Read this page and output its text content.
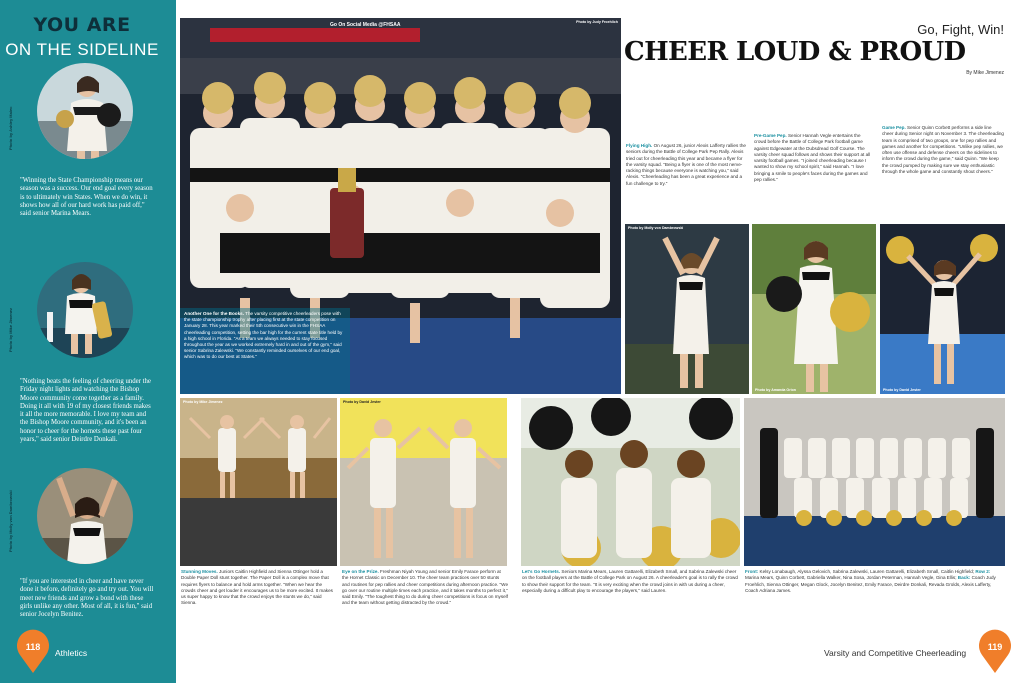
YOU ARE
ON THE SIDELINE
Photo by Ashley Malec

"Winning the State Championship means our season was a success. Our end goal every season is to ultimately win States. When we do win, it shows how all of our hard work has paid off," said senior Marina Mears.

Photo by Mike Jimenez

"Nothing beats the feeling of cheering under the Friday night lights and watching the Bishop Moore community come together as a family. Doing it all with 19 of my closest friends makes it all the more memorable. I love my team and the Bishop Moore community, and it's been an honor to cheer for the hornets these past four years," said senior Deirdre Donkali.

Photo by Molly von Dambrowski

"If you are interested in cheer and have never done it before, definitely go and try out. You will meet new friends and grow a bond with these girls unlike any other. Most of all, it is fun," said senior Jocelyn Benitez.

Athletics
118	119
Varsity and Competitive Cheerleading
Photo by Judy Froehlich
Go On Social Media @FHSAA

Another One for the Books. The varsity competitive cheerleaders pose with the state championship trophy after placing first at the state competition on January 28. This year marked their 5th consecutive win in the FHSAA cheerleading competition, setting the bar high for the current state title held by a high school in Florida. "As a team we always needed to stay focused throughout the year as we worked extremely hard in and out of the gym," said senior Sabrina Zalewski. "We constantly reminded ourselves of our end goal, which was to do our best at States."

Go, Fight, Win!
CHEER LOUD & PROUD
By Mike Jimenez

Flying High. On August 26, junior Alexis Lafferty rallies the seniors during the Battle of College Park Pep Rally. Alexis tried out for cheerleading this year and became a flyer for the varsity squad. "Being a flyer is one of the most nerve-racking things because everyone is watching you," said Alexis. "Cheerleading has been a great experience and a fun challenge to try."

Pre-Game Pep. Senior Hannah Vegle entertains the crowd before the Battle of College Park football game against Edgewater at the Dubsdread Golf Course. The varsity cheer squad follows and shows their support at all varsity football games. "I joined cheerleading because I wanted to show my school spirit," said Hannah. "I love bringing a smile to people's faces during the games and pep rallies."

Game Pep. Senior Quinn Corbett performs a side line cheer during Senior night on November 3. The cheerleading team is comprised of two groups, one for pep rallies and games and another for competitions. "Unlike pep rallies, we often use offense and defense cheers on the sidelines to inform the crowd during the game," said Quinn. "We keep the crowd pumped by making sure we stay enthusiastic through the whole game and constantly shout cheers."

Photo by Molly von Dambrowski
Photo by Amanda Orion	Photo by David Jester
Photo by Mike Jimenez	Photo by David Jester

Stunning Moves. Juniors Caitlin Highfield and Sienna Ottinger hold a Double Paper Doll stunt together. The Paper Doll is a complex move that requires flyers to balance and hold arms together. "When we hear the crowds cheer and get louder it encourages us to be more excited. It makes us super happy to know that the crowd enjoys the stunts we do," said Sienna.

Eye on the Prize. Freshman Niyah Young and senior Emily Farace perform at the Hornet Classic on December 10. The cheer team practices over 50 stunts and routines for pep rallies and cheer competitions during afternoon practice. "We go over our routine multiple times each practice, and it takes months to perfect it," said Emily. "The toughest thing to do during cheer competitions is focus on myself and the team without getting distracted by the crowd."

Let's Go Hornets. Seniors Marina Mears, Lauren Gattarelli, Elizabeth Small, and Sabrina Zalewski cheer on the football players at the Battle of College Park on August 26. A cheerleader's goal is to rally the crowd to show their support for the team. "It is very exciting when the crowd joins in with us during a cheer, especially during a difficult play to encourage the players," said Lauren.

Front: Kelsy Lonabaugh, Alyssa Gelovich, Sabrina Zalewski, Lauren Gattarelli, Elizabeth Small, Caitlin Highfield; Row 2: Marina Mears, Quinn Corbett, Gabriella Walker, Nina Sosa, Jordan Peterman, Hannah Vegle, Gina Ellis; Back: Coach Judy Froehlich, Sienna Ottinger, Megan Glock, Jocelyn Benitez, Emily Farace, Deirdre Donkali, Revada Grolds, Alexis Lafferty, Coach Adriana James.
